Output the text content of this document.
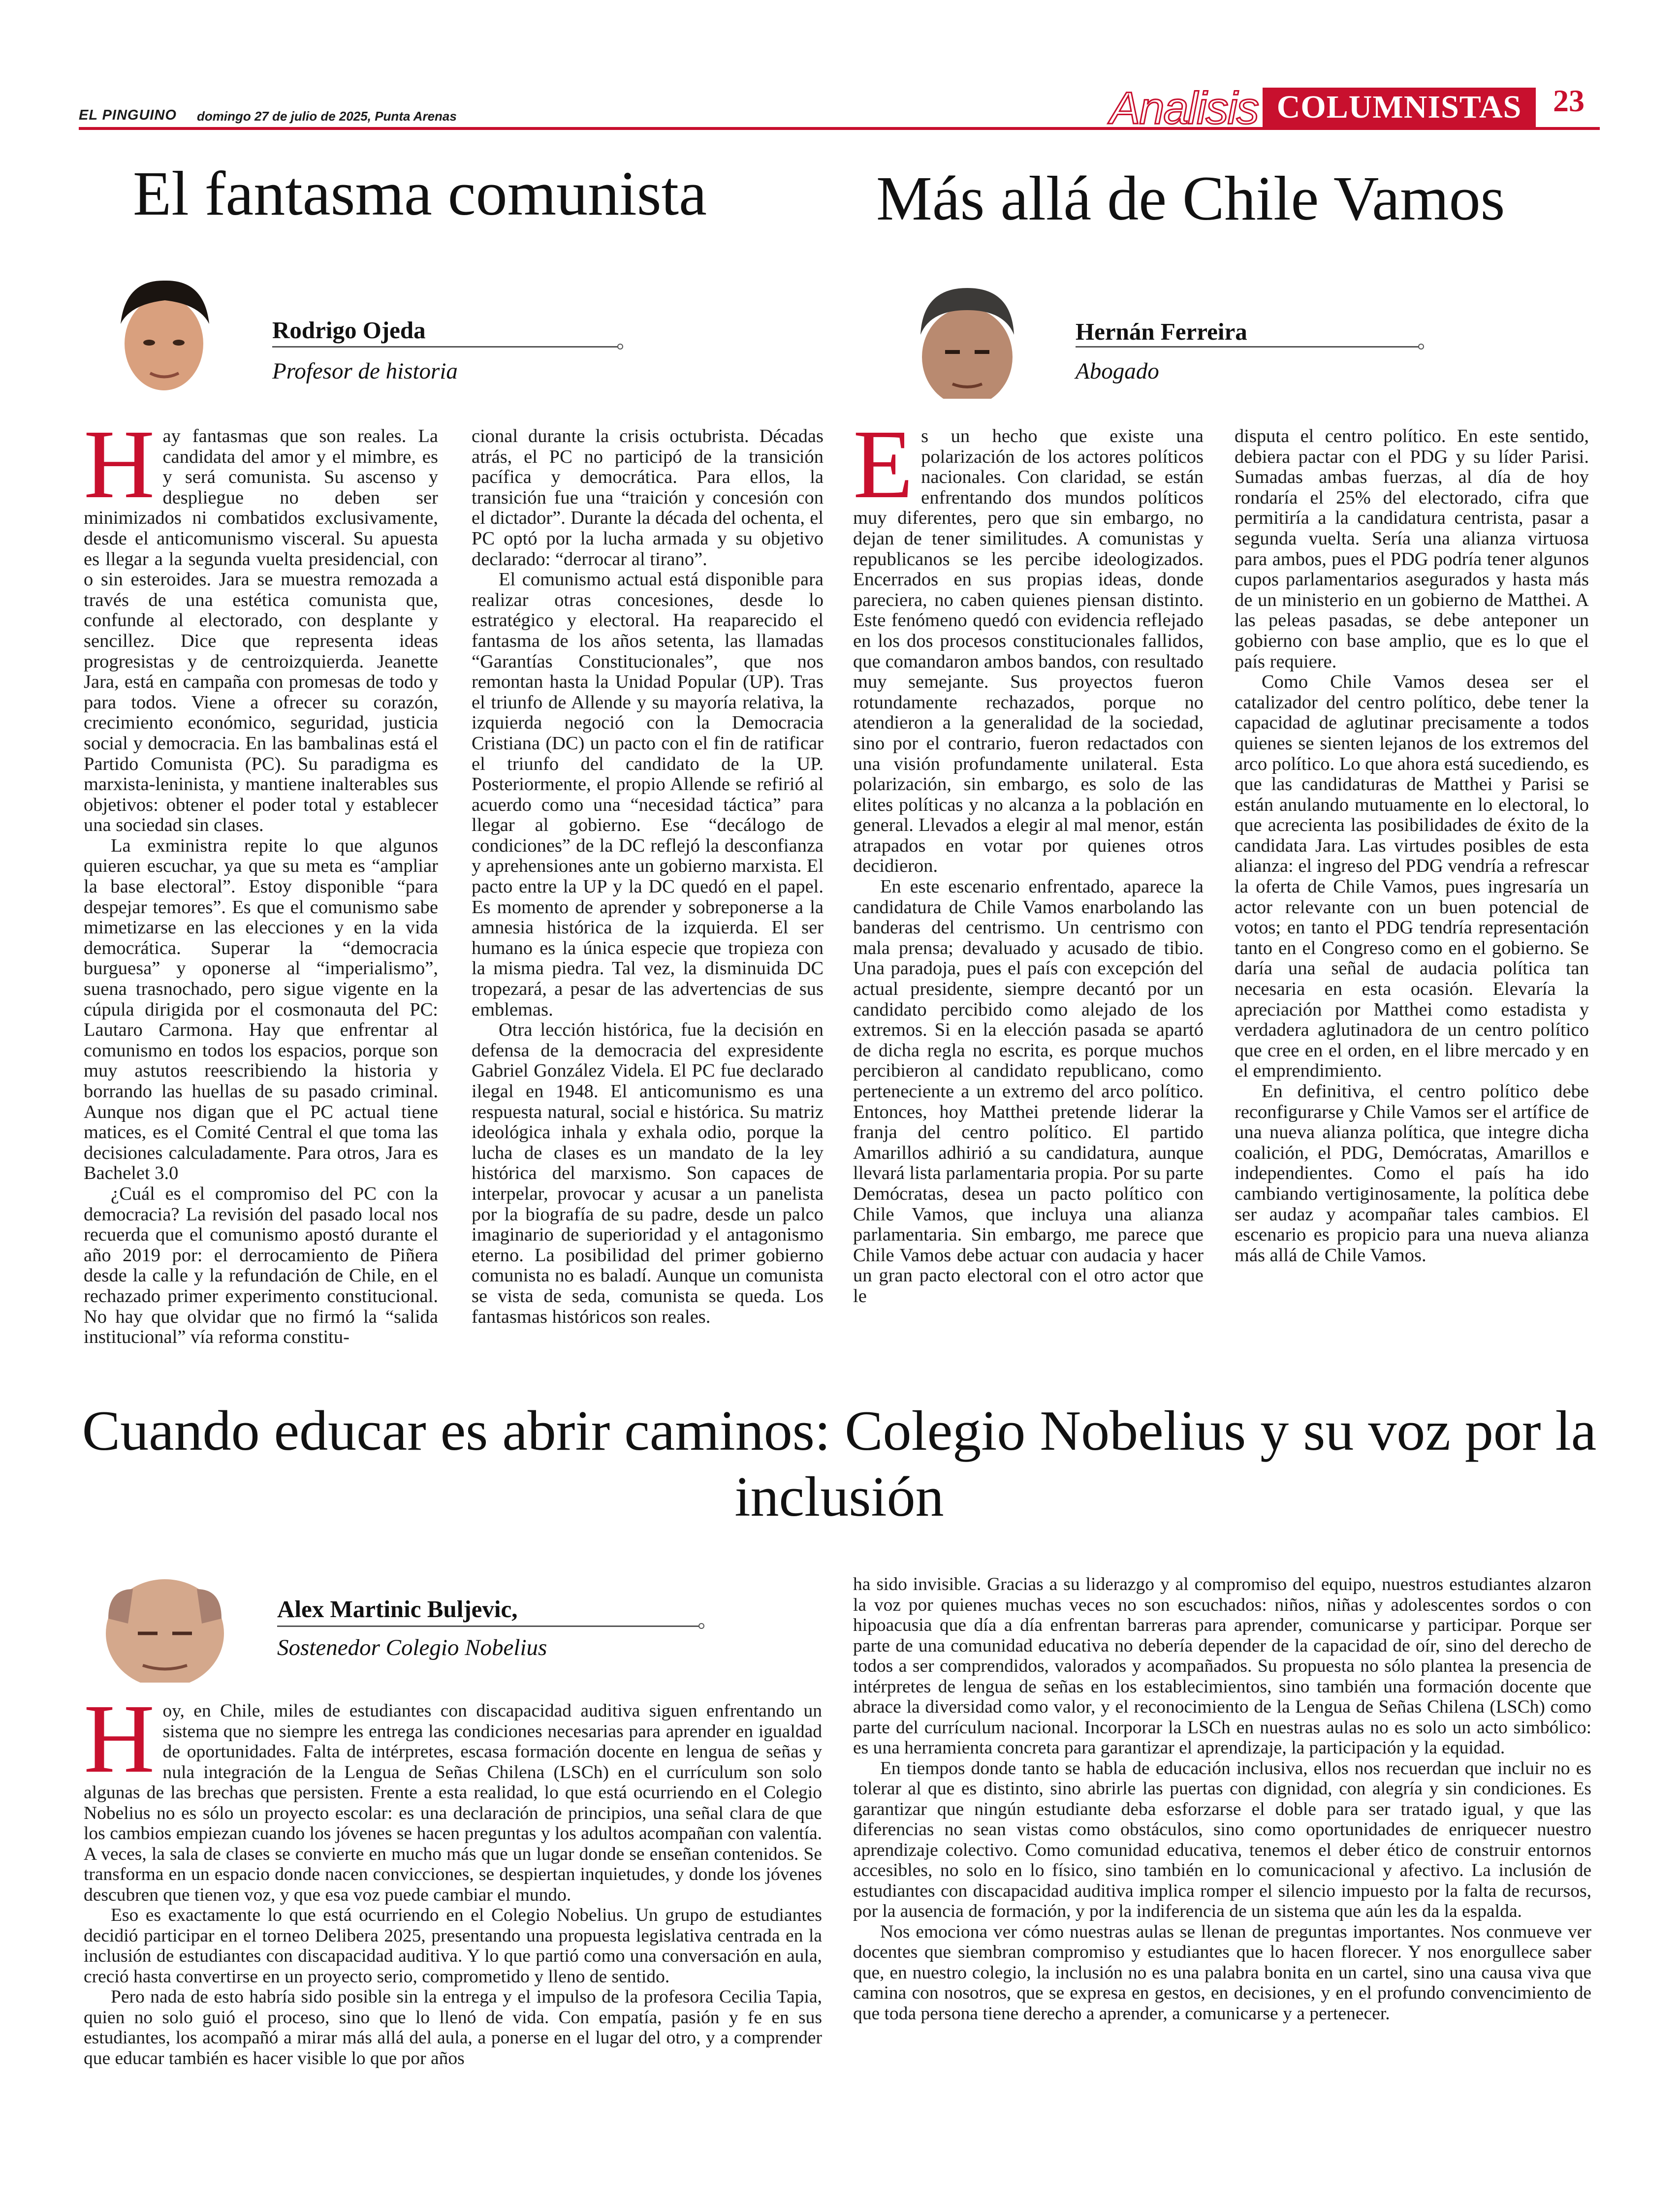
EL PINGUINO domingo 27 de julio de 2025, Punta Arenas	Analisis COLUMNISTAS 23
El fantasma comunista
Rodrigo Ojeda
Profesor de historia
H ay fantasmas que son reales. La candidata del amor y el mimbre, es y será comunista. Su ascenso y despliegue no deben ser minimizados ni combatidos exclusivamente, desde el anticomunismo visceral. Su apuesta es llegar a la segunda vuelta presidencial, con o sin esteroides. Jara se muestra remozada a través de una estética comunista que, confunde al electorado, con desplante y sencillez. Dice que representa ideas progresistas y de centroizquierda. Jeanette Jara, está en campaña con promesas de todo y para todos. Viene a ofrecer su corazón, crecimiento económico, seguridad, justicia social y democracia. En las bambalinas está el Partido Comunista (PC). Su paradigma es marxista-leninista, y mantiene inalterables sus objetivos: obtener el poder total y establecer una sociedad sin clases.

La exministra repite lo que algunos quieren escuchar, ya que su meta es “ampliar la base electoral”. Estoy disponible “para despejar temores”. Es que el comunismo sabe mimetizarse en las elecciones y en la vida democrática. Superar la “democracia burguesa” y oponerse al “imperialismo”, suena trasnochado, pero sigue vigente en la cúpula dirigida por el cosmonauta del PC: Lautaro Carmona. Hay que enfrentar al comunismo en todos los espacios, porque son muy astutos reescribiendo la historia y borrando las huellas de su pasado criminal. Aunque nos digan que el PC actual tiene matices, es el Comité Central el que toma las decisiones calculadamente. Para otros, Jara es Bachelet 3.0

¿Cuál es el compromiso del PC con la democracia? La revisión del pasado local nos recuerda que el comunismo apostó durante el año 2019 por: el derrocamiento de Piñera desde la calle y la refundación de Chile, en el rechazado primer experimento constitucional. No hay que olvidar que no firmó la “salida institucional” vía reforma constitu-

cional durante la crisis octubrista. Décadas atrás, el PC no participó de la transición pacífica y democrática. Para ellos, la transición fue una “traición y concesión con el dictador”. Durante la década del ochenta, el PC optó por la lucha armada y su objetivo declarado: “derrocar al tirano”.

El comunismo actual está disponible para realizar otras concesiones, desde lo estratégico y electoral. Ha reaparecido el fantasma de los años setenta, las llamadas “Garantías Constitucionales”, que nos remontan hasta la Unidad Popular (UP). Tras el triunfo de Allende y su mayoría relativa, la izquierda negoció con la Democracia Cristiana (DC) un pacto con el fin de ratificar el triunfo del candidato de la UP. Posteriormente, el propio Allende se refirió al acuerdo como una “necesidad táctica” para llegar al gobierno. Ese “decálogo de condiciones” de la DC reflejó la desconfianza y aprehensiones ante un gobierno marxista. El pacto entre la UP y la DC quedó en el papel. Es momento de aprender y sobreponerse a la amnesia histórica de la izquierda. El ser humano es la única especie que tropieza con la misma piedra. Tal vez, la disminuida DC tropezará, a pesar de las advertencias de sus emblemas.

Otra lección histórica, fue la decisión en defensa de la democracia del expresidente Gabriel González Videla. El PC fue declarado ilegal en 1948. El anticomunismo es una respuesta natural, social e histórica. Su matriz ideológica inhala y exhala odio, porque la lucha de clases es un mandato de la ley histórica del marxismo. Son capaces de interpelar, provocar y acusar a un panelista por la biografía de su padre, desde un palco imaginario de superioridad y el antagonismo eterno. La posibilidad del primer gobierno comunista no es baladí. Aunque un comunista se vista de seda, comunista se queda. Los fantasmas históricos son reales.

Más allá de Chile Vamos
Hernán Ferreira
Abogado
E s un hecho que existe una polarización de los actores políticos nacionales. Con claridad, se están enfrentando dos mundos políticos muy diferentes, pero que sin embargo, no dejan de tener similitudes. A comunistas y republicanos se les percibe ideologizados. Encerrados en sus propias ideas, donde pareciera, no caben quienes piensan distinto. Este fenómeno quedó con evidencia reflejado en los dos procesos constitucionales fallidos, que comandaron ambos bandos, con resultado muy semejante. Sus proyectos fueron rotundamente rechazados, porque no atendieron a la generalidad de la sociedad, sino por el contrario, fueron redactados con una visión profundamente unilateral. Esta polarización, sin embargo, es solo de las elites políticas y no alcanza a la población en general. Llevados a elegir al mal menor, están atrapados en votar por quienes otros decidieron.

En este escenario enfrentado, aparece la candidatura de Chile Vamos enarbolando las banderas del centrismo. Un centrismo con mala prensa; devaluado y acusado de tibio. Una paradoja, pues el país con excepción del actual presidente, siempre decantó por un candidato percibido como alejado de los extremos. Si en la elección pasada se apartó de dicha regla no escrita, es porque muchos percibieron al candidato republicano, como perteneciente a un extremo del arco político. Entonces, hoy Matthei pretende liderar la franja del centro político. El partido Amarillos adhirió a su candidatura, aunque llevará lista parlamentaria propia. Por su parte Demócratas, desea un pacto político con Chile Vamos, que incluya una alianza parlamentaria. Sin embargo, me parece que Chile Vamos debe actuar con audacia y hacer un gran pacto electoral con el otro actor que le

disputa el centro político. En este sentido, debiera pactar con el PDG y su líder Parisi. Sumadas ambas fuerzas, al día de hoy rondaría el 25% del electorado, cifra que permitiría a la candidatura centrista, pasar a segunda vuelta. Sería una alianza virtuosa para ambos, pues el PDG podría tener algunos cupos parlamentarios asegurados y hasta más de un ministerio en un gobierno de Matthei. A las peleas pasadas, se debe anteponer un gobierno con base amplio, que es lo que el país requiere.

Como Chile Vamos desea ser el catalizador del centro político, debe tener la capacidad de aglutinar precisamente a todos quienes se sienten lejanos de los extremos del arco político. Lo que ahora está sucediendo, es que las candidaturas de Matthei y Parisi se están anulando mutuamente en lo electoral, lo que acrecienta las posibilidades de éxito de la candidata Jara. Las virtudes posibles de esta alianza: el ingreso del PDG vendría a refrescar la oferta de Chile Vamos, pues ingresaría un actor relevante con un buen potencial de votos; en tanto el PDG tendría representación tanto en el Congreso como en el gobierno. Se daría una señal de audacia política tan necesaria en esta ocasión. Elevaría la apreciación por Matthei como estadista y verdadera aglutinadora de un centro político que cree en el orden, en el libre mercado y en el emprendimiento.

En definitiva, el centro político debe reconfigurarse y Chile Vamos ser el artífice de una nueva alianza política, que integre dicha coalición, el PDG, Demócratas, Amarillos e independientes. Como el país ha ido cambiando vertiginosamente, la política debe ser audaz y acompañar tales cambios. El escenario es propicio para una nueva alianza más allá de Chile Vamos.

Cuando educar es abrir caminos: Colegio Nobelius y su voz por la inclusión
Alex Martinic Buljevic,
Sostenedor Colegio Nobelius
H oy, en Chile, miles de estudiantes con discapacidad auditiva siguen enfrentando un sistema que no siempre les entrega las condiciones necesarias para aprender en igualdad de oportunidades. Falta de intérpretes, escasa formación docente en lengua de señas y nula integración de la Lengua de Señas Chilena (LSCh) en el currículum son solo algunas de las brechas que persisten. Frente a esta realidad, lo que está ocurriendo en el Colegio Nobelius no es sólo un proyecto escolar: es una declaración de principios, una señal clara de que los cambios empiezan cuando los jóvenes se hacen preguntas y los adultos acompañan con valentía. A veces, la sala de clases se convierte en mucho más que un lugar donde se enseñan contenidos. Se transforma en un espacio donde nacen convicciones, se despiertan inquietudes, y donde los jóvenes descubren que tienen voz, y que esa voz puede cambiar el mundo.

Eso es exactamente lo que está ocurriendo en el Colegio Nobelius. Un grupo de estudiantes decidió participar en el torneo Delibera 2025, presentando una propuesta legislativa centrada en la inclusión de estudiantes con discapacidad auditiva. Y lo que partió como una conversación en aula, creció hasta convertirse en un proyecto serio, comprometido y lleno de sentido.

Pero nada de esto habría sido posible sin la entrega y el impulso de la profesora Cecilia Tapia, quien no solo guió el proceso, sino que lo llenó de vida. Con empatía, pasión y fe en sus estudiantes, los acompañó a mirar más allá del aula, a ponerse en el lugar del otro, y a comprender que educar también es hacer visible lo que por años

ha sido invisible. Gracias a su liderazgo y al compromiso del equipo, nuestros estudiantes alzaron la voz por quienes muchas veces no son escuchados: niños, niñas y adolescentes sordos o con hipoacusia que día a día enfrentan barreras para aprender, comunicarse y participar. Porque ser parte de una comunidad educativa no debería depender de la capacidad de oír, sino del derecho de todos a ser comprendidos, valorados y acompañados. Su propuesta no sólo plantea la presencia de intérpretes de lengua de señas en los establecimientos, sino también una formación docente que abrace la diversidad como valor, y el reconocimiento de la Lengua de Señas Chilena (LSCh) como parte del currículum nacional. Incorporar la LSCh en nuestras aulas no es solo un acto simbólico: es una herramienta concreta para garantizar el aprendizaje, la participación y la equidad.

En tiempos donde tanto se habla de educación inclusiva, ellos nos recuerdan que incluir no es tolerar al que es distinto, sino abrirle las puertas con dignidad, con alegría y sin condiciones. Es garantizar que ningún estudiante deba esforzarse el doble para ser tratado igual, y que las diferencias no sean vistas como obstáculos, sino como oportunidades de enriquecer nuestro aprendizaje colectivo. Como comunidad educativa, tenemos el deber ético de construir entornos accesibles, no solo en lo físico, sino también en lo comunicacional y afectivo. La inclusión de estudiantes con discapacidad auditiva implica romper el silencio impuesto por la falta de recursos, por la ausencia de formación, y por la indiferencia de un sistema que aún les da la espalda.

Nos emociona ver cómo nuestras aulas se llenan de preguntas importantes. Nos conmueve ver docentes que siembran compromiso y estudiantes que lo hacen florecer. Y nos enorgullece saber que, en nuestro colegio, la inclusión no es una palabra bonita en un cartel, sino una causa viva que camina con nosotros, que se expresa en gestos, en decisiones, y en el profundo convencimiento de que toda persona tiene derecho a aprender, a comunicarse y a pertenecer.
